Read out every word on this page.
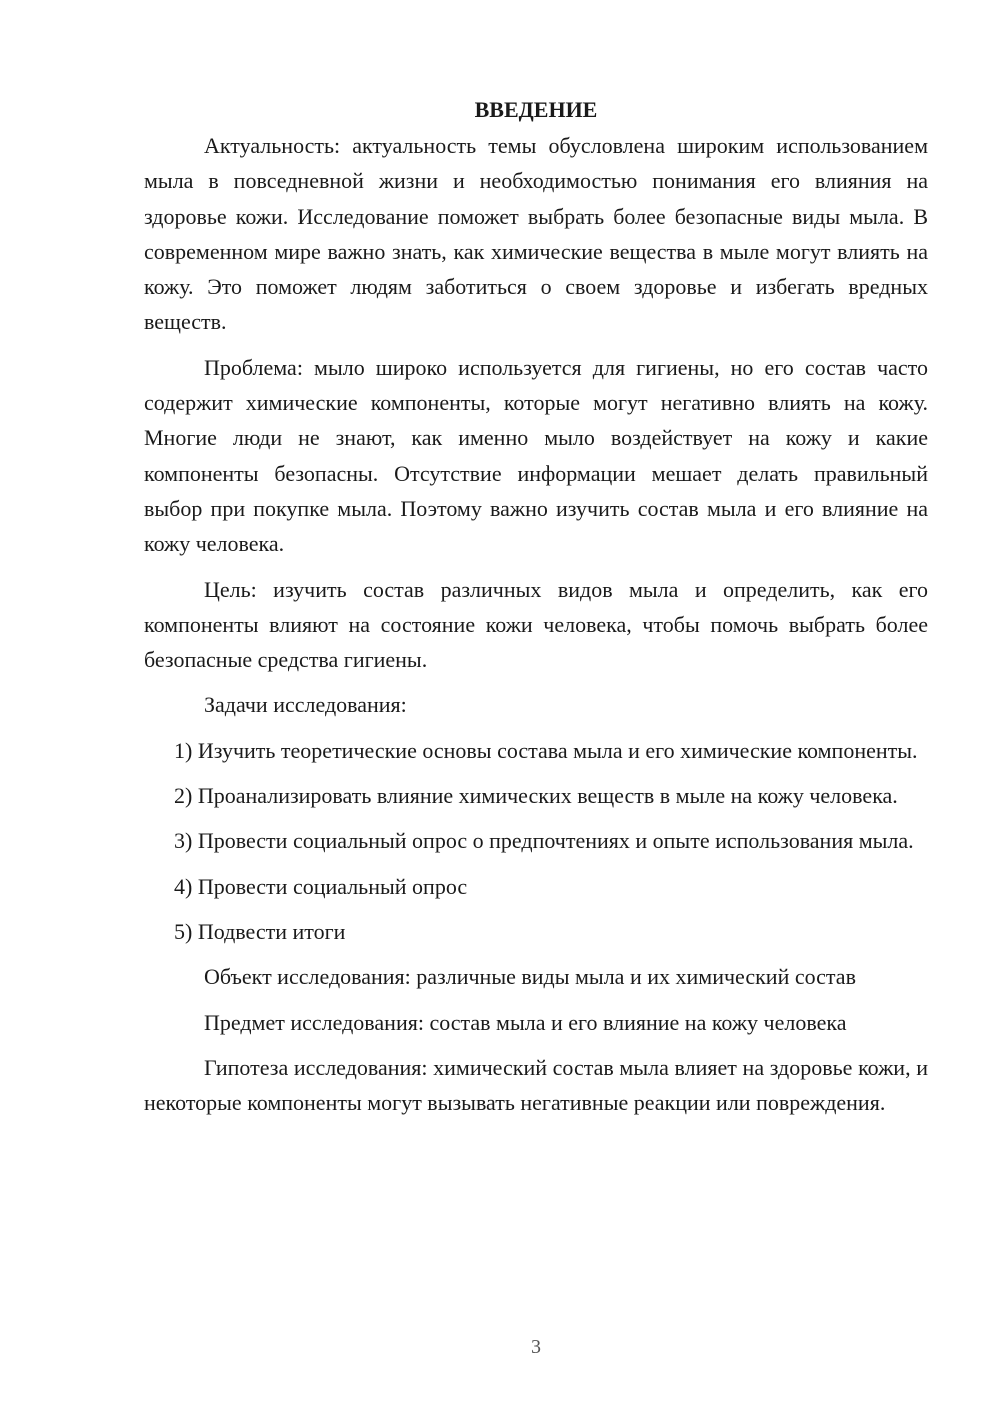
ВВЕДЕНИЕ

Актуальность: актуальность темы обусловлена широким использованием мыла в повседневной жизни и необходимостью понимания его влияния на здоровье кожи. Исследование поможет выбрать более безопасные виды мыла. В современном мире важно знать, как химические вещества в мыле могут влиять на кожу. Это поможет людям заботиться о своем здоровье и избегать вредных веществ.

Проблема: мыло широко используется для гигиены, но его состав часто содержит химические компоненты, которые могут негативно влиять на кожу. Многие люди не знают, как именно мыло воздействует на кожу и какие компоненты безопасны. Отсутствие информации мешает делать правильный выбор при покупке мыла. Поэтому важно изучить состав мыла и его влияние на кожу человека.

Цель: изучить состав различных видов мыла и определить, как его компоненты влияют на состояние кожи человека, чтобы помочь выбрать более безопасные средства гигиены.

Задачи исследования:

1) Изучить теоретические основы состава мыла и его химические компоненты.

2) Проанализировать влияние химических веществ в мыле на кожу человека.

3) Провести социальный опрос о предпочтениях и опыте использования мыла.

4) Провести социальный опрос

5) Подвести итоги

Объект исследования: различные виды мыла и их химический состав

Предмет исследования: состав мыла и его влияние на кожу человека

Гипотеза исследования: химический состав мыла влияет на здоровье кожи, и некоторые компоненты могут вызывать негативные реакции или повреждения.

3
